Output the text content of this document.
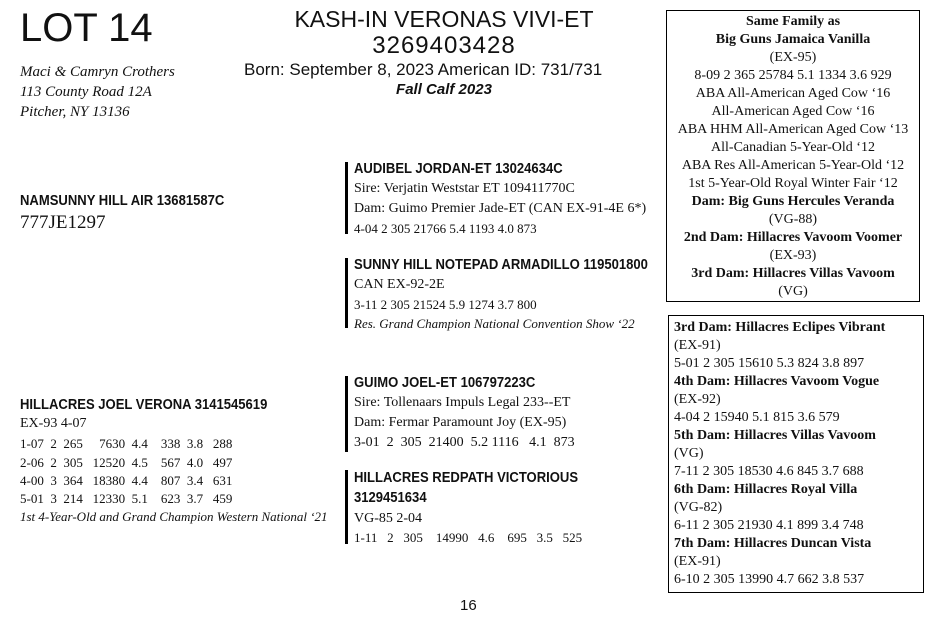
LOT 14	KASH-IN VERONAS VIVI-ET
3269403428
Born: September 8, 2023 American ID: 731/731
Fall Calf 2023
Maci & Camryn Crothers
113 County Road 12A
Pitcher, NY 13136
NAMSUNNY HILL AIR 13681587C
777JE1297
AUDIBEL JORDAN-ET 13024634C
Sire: Verjatin Weststar ET 109411770C
Dam: Guimo Premier Jade-ET (CAN EX-91-4E 6*)
4-04 2 305 21766 5.4 1193 4.0 873
SUNNY HILL NOTEPAD ARMADILLO 119501800
CAN EX-92-2E
3-11 2 305 21524 5.9 1274 3.7 800
Res. Grand Champion National Convention Show ‘22
HILLACRES JOEL VERONA 3141545619
EX-93 4-07
1-07  2  265     7630  4.4    338  3.8   288
2-06  2  305   12520  4.5    567  4.0   497
4-00  3  364   18380  4.4    807  3.4   631
5-01  3  214   12330  5.1    623  3.7   459
1st 4-Year-Old and Grand Champion Western National ‘21
GUIMO JOEL-ET 106797223C
Sire: Tollenaars Impuls Legal 233--ET
Dam: Fermar Paramount Joy (EX-95)
3-01  2  305  21400  5.2 1116   4.1  873
HILLACRES REDPATH VICTORIOUS
3129451634
VG-85 2-04
1-11   2   305    14990   4.6    695   3.5   525
Same Family as
Big Guns Jamaica Vanilla
(EX-95)
8-09 2 365 25784 5.1 1334 3.6 929
ABA All-American Aged Cow ‘16
All-American Aged Cow ‘16
ABA HHM All-American Aged Cow ‘13
All-Canadian 5-Year-Old ‘12
ABA Res All-American 5-Year-Old ‘12
1st 5-Year-Old Royal Winter Fair ‘12
Dam: Big Guns Hercules Veranda
(VG-88)
2nd Dam: Hillacres Vavoom Voomer
(EX-93)
3rd Dam: Hillacres Villas Vavoom
(VG)
3rd Dam: Hillacres Eclipes Vibrant
(EX-91)
5-01 2 305 15610 5.3 824 3.8 897
4th Dam: Hillacres Vavoom Vogue
(EX-92)
4-04 2 15940 5.1 815 3.6 579
5th Dam: Hillacres Villas Vavoom
(VG)
7-11 2 305 18530 4.6 845 3.7 688
6th Dam: Hillacres Royal Villa
(VG-82)
6-11 2 305 21930 4.1 899 3.4 748
7th Dam: Hillacres Duncan Vista
(EX-91)
6-10 2 305 13990 4.7 662 3.8 537
16
